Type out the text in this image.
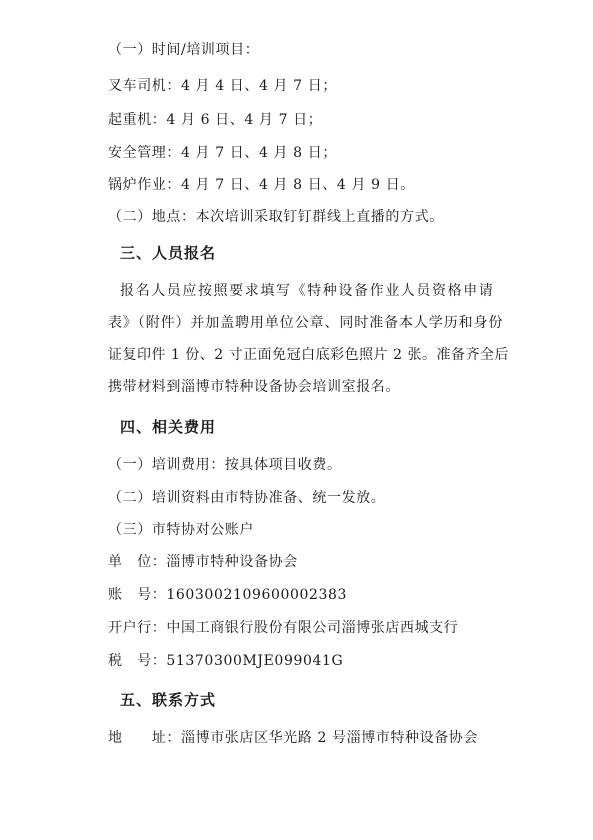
（一）时间/培训项目：
叉车司机：4 月 4 日、4 月 7 日；
起重机：4 月 6 日、4 月 7 日；
安全管理：4 月 7 日、4 月 8 日；
锅炉作业：4 月 7 日、4 月 8 日、4 月 9 日。
（二）地点：本次培训采取钉钉群线上直播的方式。
三、人员报名
报名人员应按照要求填写《特种设备作业人员资格申请
表》（附件）并加盖聘用单位公章、同时准备本人学历和身份
证复印件 1 份、2 寸正面免冠白底彩色照片 2 张。准备齐全后
携带材料到淄博市特种设备协会培训室报名。
四、相关费用
（一）培训费用：按具体项目收费。
（二）培训资料由市特协准备、统一发放。
（三）市特协对公账户
单　位： 淄博市特种设备协会
账　号： 1603002109600002383
开户行： 中国工商银行股份有限公司淄博张店西城支行
税　号： 51370300MJE099041G
五、联系方式
地　　址： 淄博市张店区华光路 2 号淄博市特种设备协会
